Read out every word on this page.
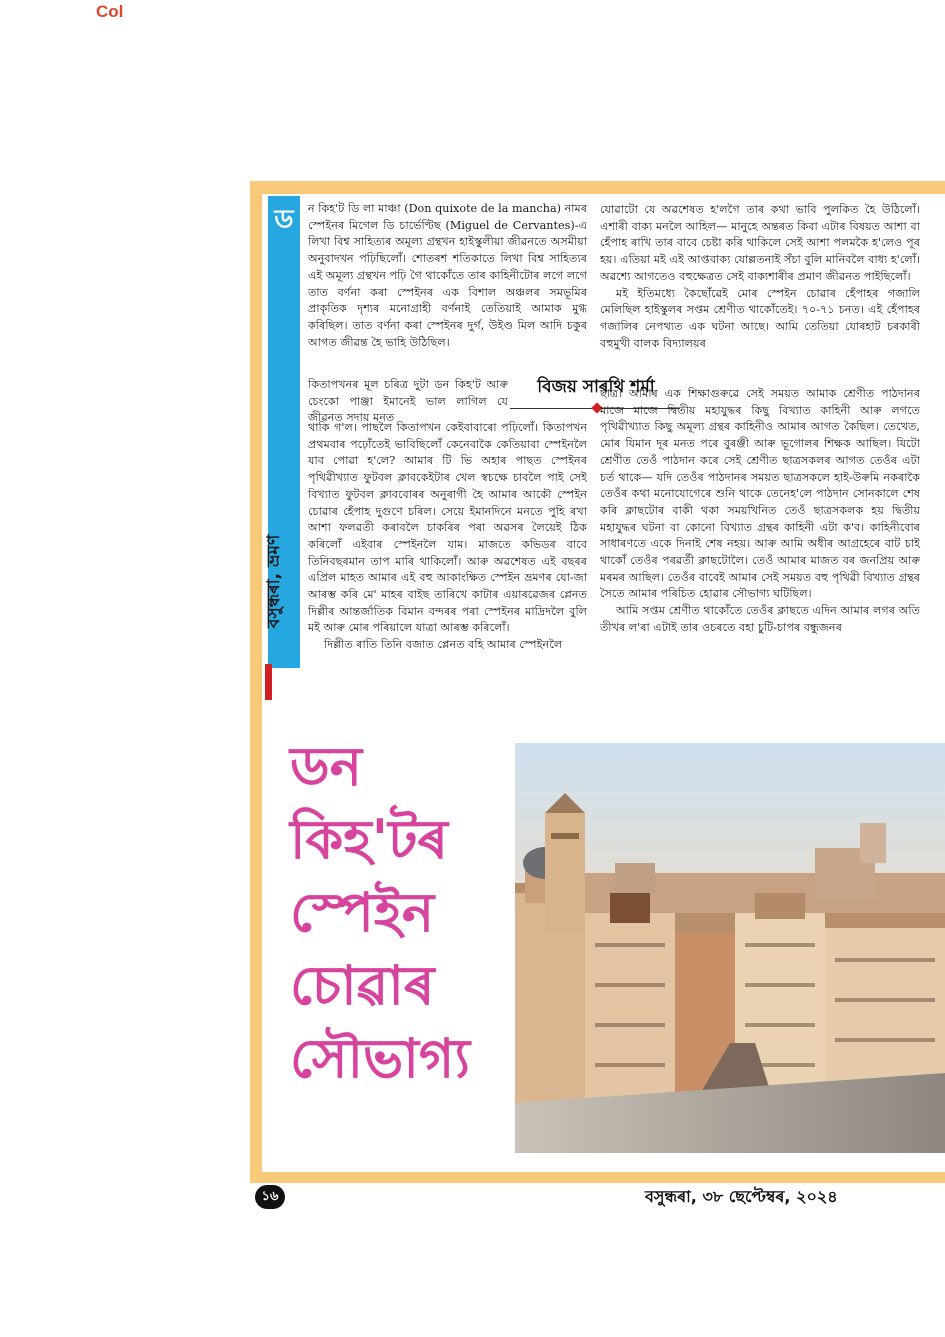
Col
ড
বসুন্ধৰা, ভ্ৰমণ

ন কিহ'ট ডি লা মাঞ্চা (Don quixote de la mancha) নামৰ স্পেইনৰ মিগেল ডি চাৰ্ভেণ্টিছ (Miguel de Cervantes)-এ লিখা বিশ্ব সাহিত্যৰ অমূল্য গ্ৰন্থখন হাইস্কুলীয়া জীৱনতে অসমীয়া অনুবাদখন পঢ়িছিলোঁ। শোতৰশ শতিকাতে লিখা বিশ্ব সাহিত্যৰ এই অমূল্য গ্ৰন্থখন পঢ়ি গৈ থাকোঁতে তাৰ কাহিনীটোৰ লগে লগে তাত বৰ্ণনা কৰা স্পেইনৰ এক বিশাল অঞ্চলৰ সমভূমিৰ প্ৰাকৃতিক দৃশ্যৰ মনোগ্ৰাহী বৰ্ণনাই তেতিয়াই আমাক মুগ্ধ কৰিছিল। তাত বৰ্ণনা কৰা স্পেইনৰ দুৰ্গ, উইণ্ড মিল আদি চকুৰ আগত জীৱন্ত হৈ ভাহি উঠিছিল।

বিজয় সাৰথি শৰ্মা

কিতাপখনৰ মূল চৰিত্ৰ দুটা ডন কিহ'ট আৰু চেংকো পাঞ্জা ইমানেই ভাল লাগিল যে জীৱনত সদায় মনত

থাকি গ'ল। পাছলৈ কিতাপখন কেইবাবাৰো পঢ়িলোঁ। কিতাপখন প্ৰথমবাৰ পঢ়োঁতেই ভাবিছিলোঁ কেনেবাকৈ কেতিয়াবা স্পেইনলৈ যাব পোৱা হ'লে? আমাৰ টি ভি অহাৰ পাছত স্পেইনৰ পৃথিৱীখ্যাত ফুটবল ক্লাবকেইটাৰ খেল স্বচক্ষে চাবলৈ পাই সেই বিখ্যাত ফুটবল ক্লাববোৰৰ অনুৰাগী হৈ আমাৰ আকৌ স্পেইন চোৱাৰ হেঁপাহ দুগুণে চৰিল। সেয়ে ইমানদিনে মনতে পুহি ৰখা আশা ফলৱতী কৰাবলৈ চাকৰিৰ পৰা অৱসৰ লৈয়েই ঠিক কৰিলোঁ এইবাৰ স্পেইনলৈ যাম। মাজতে কভিডৰ বাবে তিনিবছৰমান তাপ মাৰি থাকিলোঁ। আৰু অৱশেষত এই বছৰৰ এপ্ৰিল মাহত আমাৰ এই বহু আকাংক্ষিত স্পেইন ভ্ৰমণৰ যো-জা আৰম্ভ কৰি মে' মাহৰ বাইছ তাৰিখে কাটাৰ এয়াৰৱেজৰ প্লেনত দিল্লীৰ আন্তৰ্জাতিক বিমান বন্দৰৰ পৰা স্পেইনৰ মাদ্ৰিদলৈ বুলি মই আৰু মোৰ পৰিয়ালে যাত্ৰা আৰম্ভ কৰিলোঁ।

দিল্লীত ৰাতি তিনি বজাত প্লেনত বহি আমাৰ স্পেইনলৈ

যোৱাটো যে অৱশেষত হ'লগৈ তাৰ কথা ভাবি পুলকিত হৈ উঠিলোঁ। এশাৰী বাক্য মনলৈ আহিল— মানুহে অন্তৰত কিবা এটাৰ বিষয়ত আশা বা হেঁপাহ ৰাখি তাৰ বাবে চেষ্টা কৰি থাকিলে সেই আশা পলমকৈ হ'লেও পূৰ হয়। এতিয়া মই এই আপ্তবাক্য যোল্লতনাই সঁচা বুলি মানিবলৈ বাধ্য হ'লোঁ। অৱশ্যে আগতেও বহুক্ষেত্ৰত সেই বাক্যশাৰীৰ প্ৰমাণ জীৱনত পাইছিলোঁ।

মই ইতিমধ্যে কৈছোঁৱেই মোৰ স্পেইন চোৱাৰ হেঁপাহৰ গজালি মেলিছিল হাইস্কুলৰ সপ্তম শ্ৰেণীত থাকোঁতেই। ৭০-৭১ চনত। এই হেঁপাহৰ গজালিৰ নেপথ্যত এক ঘটনা আছে। আমি তেতিয়া যোৰহাট চৰকাৰী বহুমুখী বালক বিদ্যালয়ৰ

ছাত্ৰ। আমাৰ এক শিক্ষাগুৰুৱে সেই সময়ত আমাক শ্ৰেণীত পাঠদানৰ মাজে মাজে দ্বিতীয় মহাযুদ্ধৰ কিছু বিখ্যাত কাহিনী আৰু লগতে পৃথিৱীখ্যাত কিছু অমূল্য গ্ৰন্থৰ কাহিনীও আমাৰ আগত কৈছিল। তেখেত, মোৰ যিমান দূৰ মনত পৰে বুৰঞ্জী আৰু ভূগোলৰ শিক্ষক আছিল। যিটো শ্ৰেণীত তেওঁ পাঠদান কৰে সেই শ্ৰেণীত ছাত্ৰসকলৰ আগত তেওঁৰ এটা চৰ্ত থাকে— যদি তেওঁৰ পাঠদানৰ সময়ত ছাত্ৰসকলে হাই-উৰুমি নকৰাকৈ তেওঁৰ কথা মনোযোগেৰে শুনি থাকে তেনেহ'লে পাঠদান সোনকালে শেষ কৰি ক্লাছটোৰ বাকী থকা সময়খিনিত তেওঁ ছাত্ৰসকলক হয় দ্বিতীয় মহাযুদ্ধৰ ঘটনা বা কোনো বিখ্যাত গ্ৰন্থৰ কাহিনী এটা ক'ব। কাহিনীবোৰ সাধাৰণতে একে দিনাই শেষ নহয়। আৰু আমি অধীৰ আগ্ৰহেৰে বাট চাই থাকোঁ তেওঁৰ পৰৱৰ্তী ক্লাছটোলৈ। তেওঁ আমাৰ মাজত বৰ জনপ্ৰিয় আৰু মৰমৰ আছিল। তেওঁৰ বাবেই আমাৰ সেই সময়ত বহু পৃথিৱী বিখ্যাত গ্ৰন্থৰ সৈতে আমাৰ পৰিচিত হোৱাৰ সৌভাগ্য ঘটিছিল।

আমি সপ্তম শ্ৰেণীত থাকোঁতে তেওঁৰ ক্লাছতে এদিন আমাৰ লগৰ অতি তীখৰ ল'ৰা এটাই তাৰ ওচৰতে বহা চুটি-চাপৰ বন্ধুজনৰ

ডন
কিহ'টৰ
স্পেইন
চোৱাৰ
সৌভাগ্য
১৬	বসুন্ধৰা, ৩৮ ছেপ্টেম্বৰ, ২০২৪
